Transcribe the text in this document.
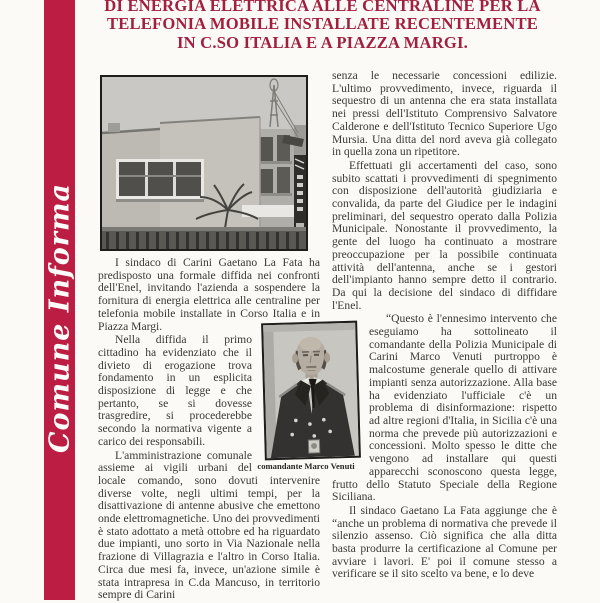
Comune Informa
DI ENERGIA ELETTRICA ALLE CENTRALINE PER LA
TELEFONIA MOBILE INSTALLATE RECENTEMENTE
IN C.SO ITALIA E A PIAZZA MARGI.
I sindaco di Carini Gaetano La Fata ha predisposto una formale diffida nei confronti dell'Enel, invitando l'azienda a sospendere la fornitura di energia elettrica alle centraline per telefonia mobile installate in Corso Italia e in Piazza Margi.
Nella diffida il primo cittadino ha evidenziato che il divieto di erogazione trova fondamento in un esplicita disposizione di legge e che pertanto, se si dovesse trasgredire, si procederebbe secondo la normativa vigente a carico dei responsabili.
L'amministrazione comunale assieme ai vigili urbani del locale comando, sono dovuti intervenire diverse volte, negli ultimi tempi, per la disattivazione di antenne abusive che emettono onde elettromagnetiche. Uno dei provvedimenti è stato adottato a metà ottobre ed ha riguardato due impianti, uno sorto in Via Nazionale nella frazione di Villagrazia e l'altro in Corso Italia. Circa due mesi fa, invece, un'azione simile è stata intrapresa in C.da Mancuso, in territorio sempre di Carini
senza le necessarie concessioni edilizie. L'ultimo provvedimento, invece, riguarda il sequestro di un antenna che era stata installata nei pressi dell'Istituto Comprensivo Salvatore Calderone e dell'Istituto Tecnico Superiore Ugo Mursia. Una ditta del nord aveva già collegato in quella zona un ripetitore.
Effettuati gli accertamenti del caso, sono subito scattati i provvedimenti di spegnimento con disposizione dell'autorità giudiziaria e convalida, da parte del Giudice per le indagini preliminari, del sequestro operato dalla Polizia Municipale. Nonostante il provvedimento, la gente del luogo ha continuato a mostrare preoccupazione per la possibile continuata attività dell'antenna, anche se i gestori dell'impianto hanno sempre detto il contrario. Da qui la decisione del sindaco di diffidare l'Enel.
“Questo è l'ennesimo intervento che eseguiamo ha sottolineato il comandante della Polizia Municipale di Carini Marco Venuti purtroppo è malcostume generale quello di attivare impianti senza autorizzazione. Alla base ha evidenziato l'ufficiale c'è un problema di disinformazione: rispetto ad altre regioni d'Italia, in Sicilia c'è una norma che prevede più autorizzazioni e concessioni. Molto spesso le ditte che vengono ad installare qui questi apparecchi sconoscono questa legge, frutto dello Statuto Speciale della Regione Siciliana.
Il sindaco Gaetano La Fata aggiunge che è “anche un problema di normativa che prevede il silenzio assenso. Ciò significa che alla ditta basta produrre la certificazione al Comune per avviare i lavori. E' poi il comune stesso a verificare se il sito scelto va bene, e lo deve
comandante Marco Venuti
